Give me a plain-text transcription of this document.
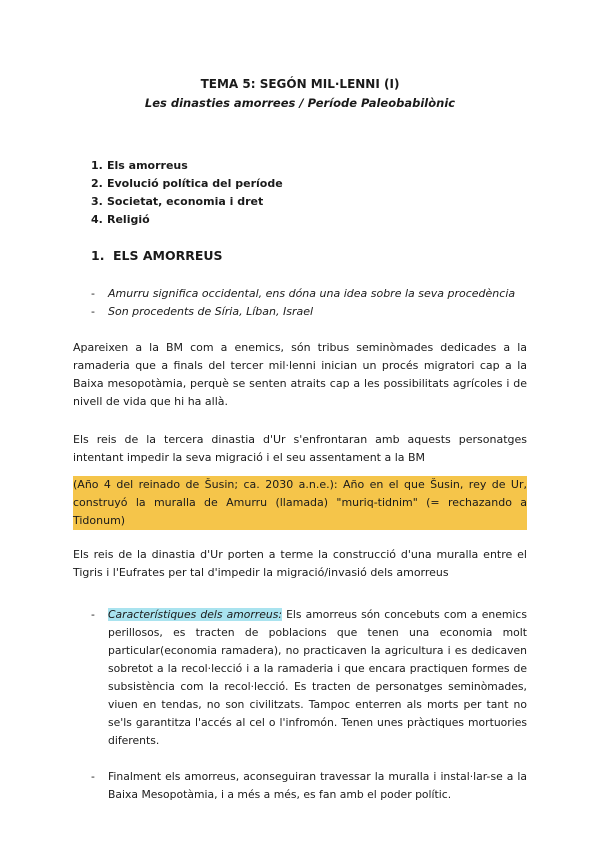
TEMA 5: SEGÓN MIL·LENNI (I)
Les dinasties amorrees / Període Paleobabilònic
1. Els amorreus
2. Evolució política del període
3. Societat, economia i dret
4. Religió
1. ELS AMORREUS
- Amurru significa occidental, ens dóna una idea sobre la seva procedència
- Son procedents de Síria, Líban, Israel

Apareixen a la BM com a enemics, són tribus seminòmades dedicades a la ramaderia que a finals del tercer mil·lenni inician un procés migratori cap a la Baixa mesopotàmia, perquè se senten atraits cap a les possibilitats agrícoles i de nivell de vida que hi ha allà.

Els reis de la tercera dinastia d'Ur s'enfrontaran amb aquests personatges intentant impedir la seva migració i el seu assentament a la BM

(Año 4 del reinado de Šusin; ca. 2030 a.n.e.): Año en el que Šusin, rey de Ur, construyó la muralla de Amurru (llamada) "muriq-tidnim" (= rechazando a Tidonum)

Els reis de la dinastia d'Ur porten a terme la construcció d'una muralla entre el Tigris i l'Eufrates per tal d'impedir la migració/invasió dels amorreus

- Característiques dels amorreus: Els amorreus són concebuts com a enemics perillosos, es tracten de poblacions que tenen una economia molt particular(economia ramadera), no practicaven la agricultura i es dedicaven sobretot a la recol·lecció i a la ramaderia i que encara practiquen formes de subsistència com la recol·lecció. Es tracten de personatges seminòmades, viuen en tendas, no son civilitzats. Tampoc enterren als morts per tant no se'ls garantitza l'accés al cel o l'infromón. Tenen unes pràctiques mortuories diferents.
- Finalment els amorreus, aconseguiran travessar la muralla i instal·lar-se a la Baixa Mesopotàmia, i a més a més, es fan amb el poder polític.
